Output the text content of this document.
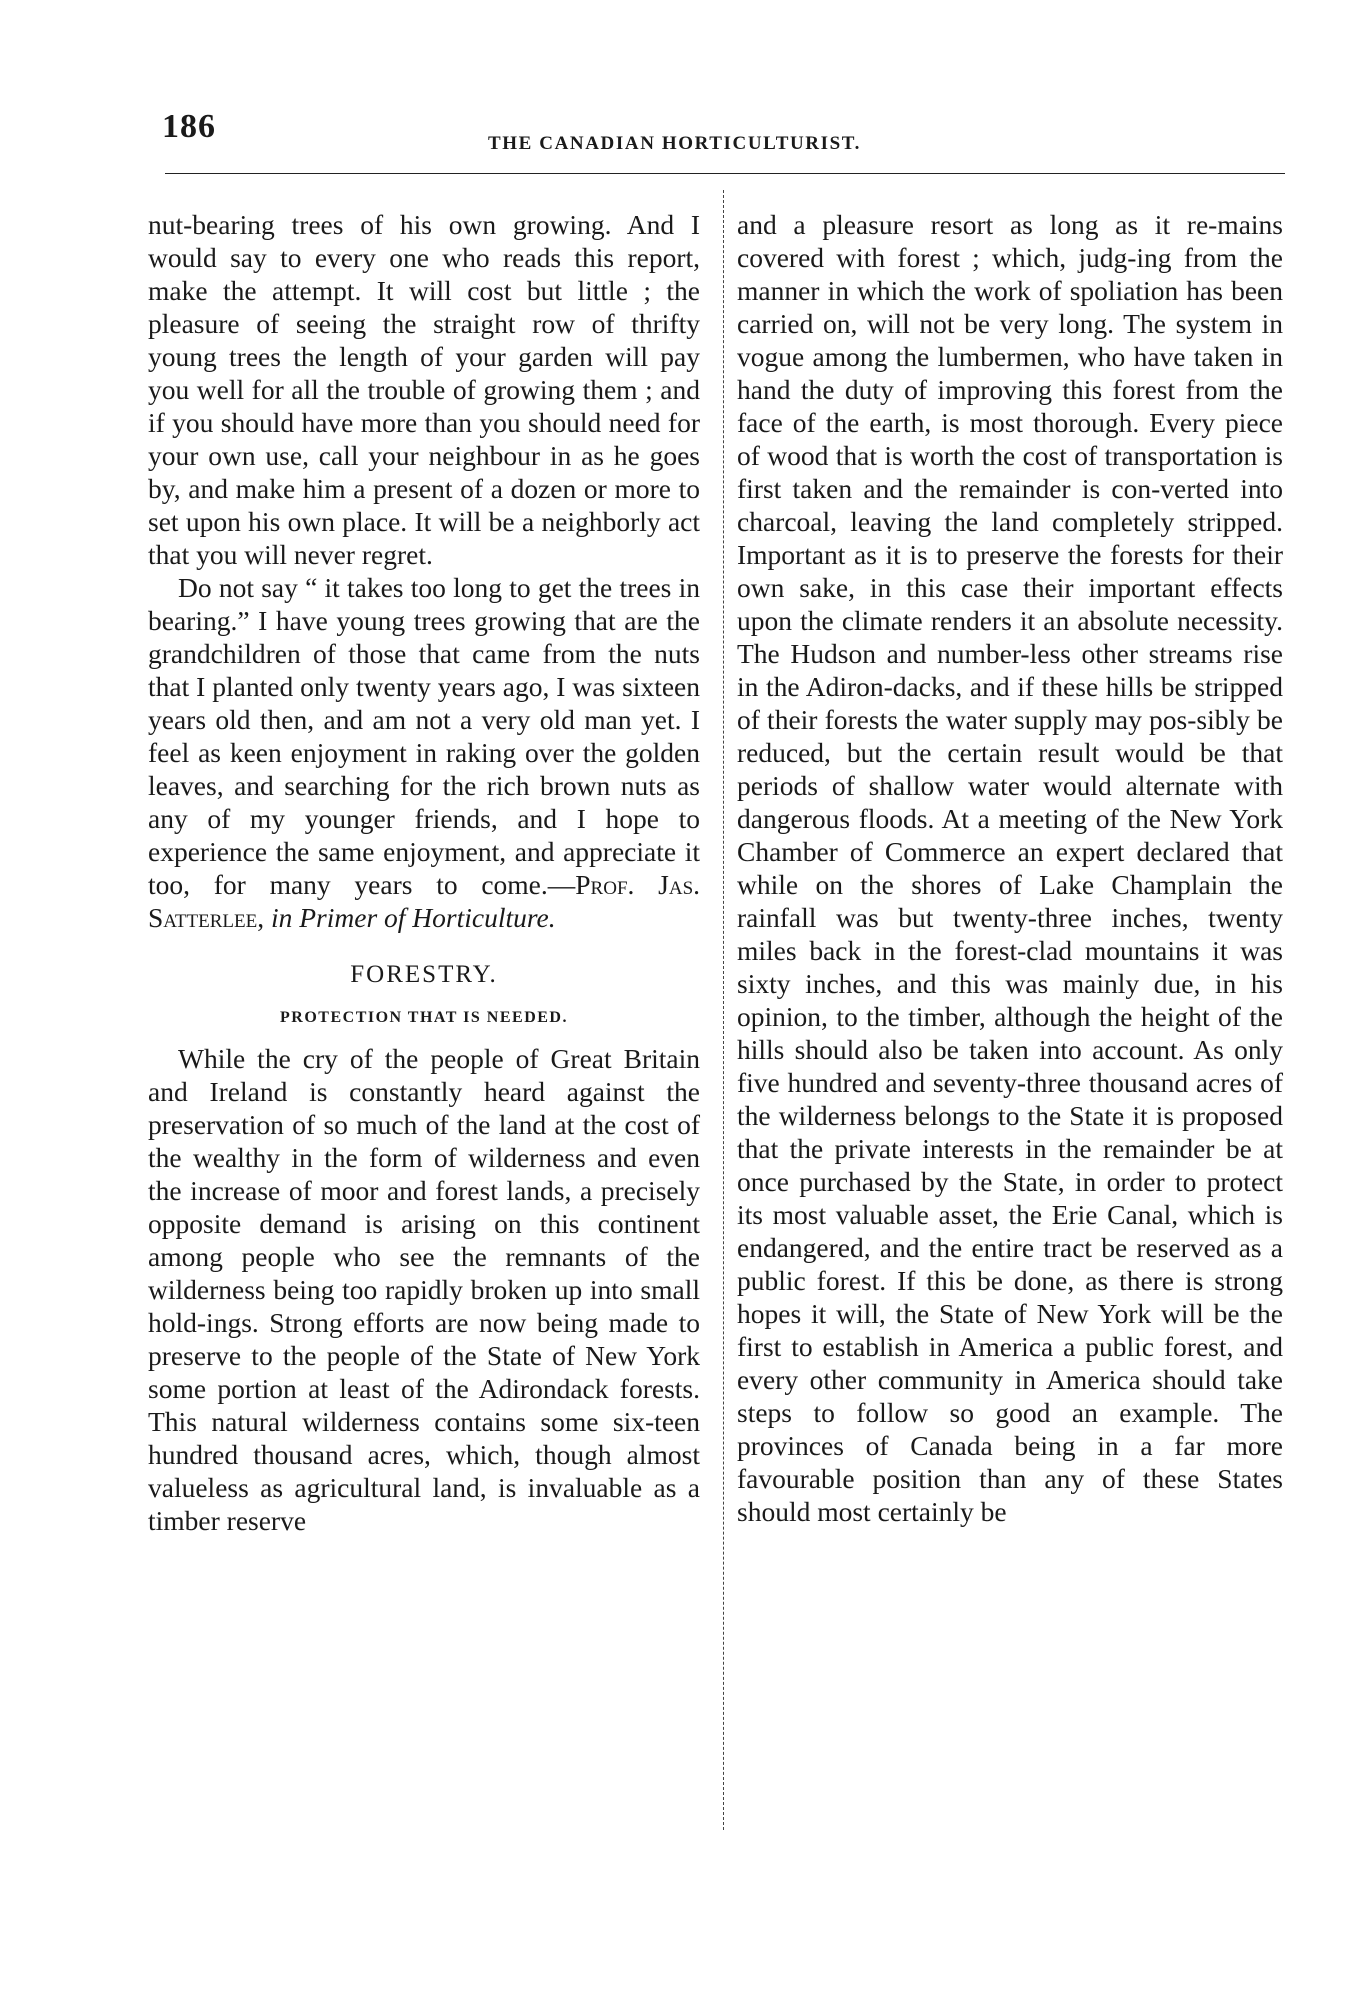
186	THE CANADIAN HORTICULTURIST.

nut-bearing trees of his own growing. And I would say to every one who reads this report, make the attempt. It will cost but little ; the pleasure of seeing the straight row of thrifty young trees the length of your garden will pay you well for all the trouble of growing them ; and if you should have more than you should need for your own use, call your neighbour in as he goes by, and make him a present of a dozen or more to set upon his own place. It will be a neighborly act that you will never regret.

Do not say “ it takes too long to get the trees in bearing.” I have young trees growing that are the grandchildren of those that came from the nuts that I planted only twenty years ago, I was sixteen years old then, and am not a very old man yet. I feel as keen enjoyment in raking over the golden leaves, and searching for the rich brown nuts as any of my younger friends, and I hope to experience the same enjoyment, and appreciate it too, for many years to come.—Prof. Jas. Satterlee, in Primer of Horticulture.

FORESTRY.
PROTECTION THAT IS NEEDED.

While the cry of the people of Great Britain and Ireland is constantly heard against the preservation of so much of the land at the cost of the wealthy in the form of wilderness and even the increase of moor and forest lands, a precisely opposite demand is arising on this continent among people who see the remnants of the wilderness being too rapidly broken up into small hold-ings. Strong efforts are now being made to preserve to the people of the State of New York some portion at least of the Adirondack forests. This natural wilderness contains some six-teen hundred thousand acres, which, though almost valueless as agricultural land, is invaluable as a timber reserve

and a pleasure resort as long as it re-mains covered with forest ; which, judg-ing from the manner in which the work of spoliation has been carried on, will not be very long. The system in vogue among the lumbermen, who have taken in hand the duty of improving this forest from the face of the earth, is most thorough. Every piece of wood that is worth the cost of transportation is first taken and the remainder is con-verted into charcoal, leaving the land completely stripped. Important as it is to preserve the forests for their own sake, in this case their important effects upon the climate renders it an absolute necessity. The Hudson and number-less other streams rise in the Adiron-dacks, and if these hills be stripped of their forests the water supply may pos-sibly be reduced, but the certain result would be that periods of shallow water would alternate with dangerous floods. At a meeting of the New York Chamber of Commerce an expert declared that while on the shores of Lake Champlain the rainfall was but twenty-three inches, twenty miles back in the forest-clad mountains it was sixty inches, and this was mainly due, in his opinion, to the timber, although the height of the hills should also be taken into account. As only five hundred and seventy-three thousand acres of the wilderness belongs to the State it is proposed that the private interests in the remainder be at once purchased by the State, in order to protect its most valuable asset, the Erie Canal, which is endangered, and the entire tract be reserved as a public forest. If this be done, as there is strong hopes it will, the State of New York will be the first to establish in America a public forest, and every other community in America should take steps to follow so good an example. The provinces of Canada being in a far more favourable position than any of these States should most certainly be
